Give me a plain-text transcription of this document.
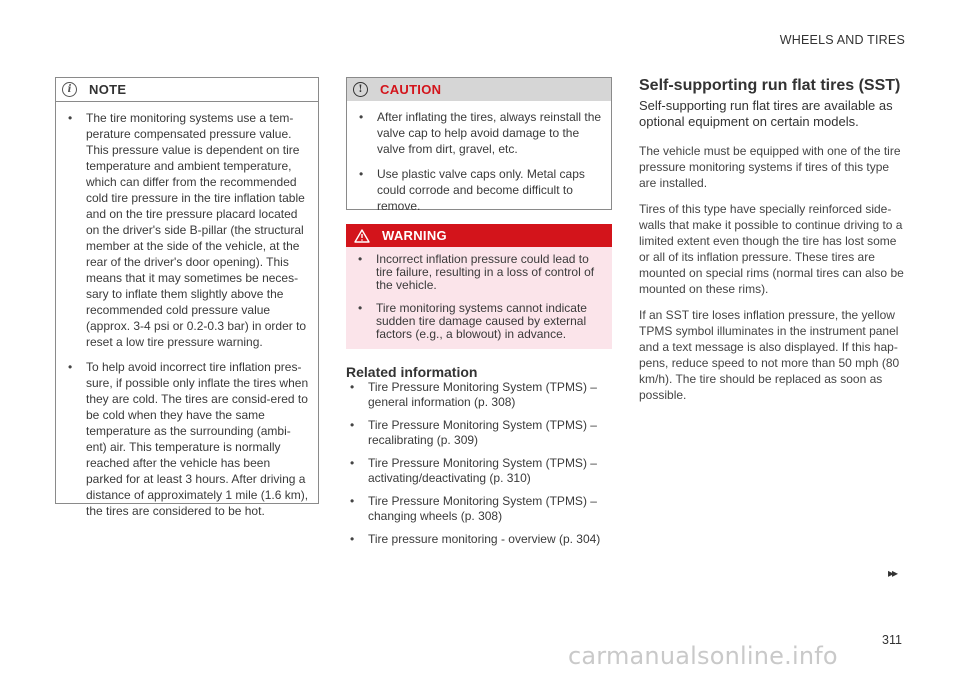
WHEELS AND TIRES
i	NOTE
• The tire monitoring systems use a tem-perature compensated pressure value. This pressure value is dependent on tire temperature and ambient temperature, which can differ from the recommended cold tire pressure in the tire inflation table and on the tire pressure placard located on the driver's side B-pillar (the structural member at the side of the vehicle, at the rear of the driver's door opening). This means that it may sometimes be neces-sary to inflate them slightly above the recommended cold pressure value (approx. 3-4 psi or 0.2-0.3 bar) in order to reset a low tire pressure warning.
• To help avoid incorrect tire inflation pres-sure, if possible only inflate the tires when they are cold. The tires are consid-ered to be cold when they have the same temperature as the surrounding (ambi-ent) air. This temperature is normally reached after the vehicle has been parked for at least 3 hours. After driving a distance of approximately 1 mile (1.6 km), the tires are considered to be hot.
!	CAUTION
• After inflating the tires, always reinstall the valve cap to help avoid damage to the valve from dirt, gravel, etc.
• Use plastic valve caps only. Metal caps could corrode and become difficult to remove.
WARNING
• Incorrect inflation pressure could lead to tire failure, resulting in a loss of control of the vehicle.
• Tire monitoring systems cannot indicate sudden tire damage caused by external factors (e.g., a blowout) in advance.
Related information
• Tire Pressure Monitoring System (TPMS) – general information (p. 308)
• Tire Pressure Monitoring System (TPMS) – recalibrating (p. 309)
• Tire Pressure Monitoring System (TPMS) – activating/deactivating (p. 310)
• Tire Pressure Monitoring System (TPMS) – changing wheels (p. 308)
• Tire pressure monitoring - overview (p. 304)
Self-supporting run flat tires (SST)

Self-supporting run flat tires are available as optional equipment on certain models.

The vehicle must be equipped with one of the tire pressure monitoring systems if tires of this type are installed.

Tires of this type have specially reinforced side-walls that make it possible to continue driving to a limited extent even though the tire has lost some or all of its inflation pressure. These tires are mounted on special rims (normal tires can also be mounted on these rims).

If an SST tire loses inflation pressure, the yellow TPMS symbol illuminates in the instrument panel and a text message is also displayed. If this hap-pens, reduce speed to not more than 50 mph (80 km/h). The tire should be replaced as soon as possible.

▸▸
311
carmanualsonline.info
